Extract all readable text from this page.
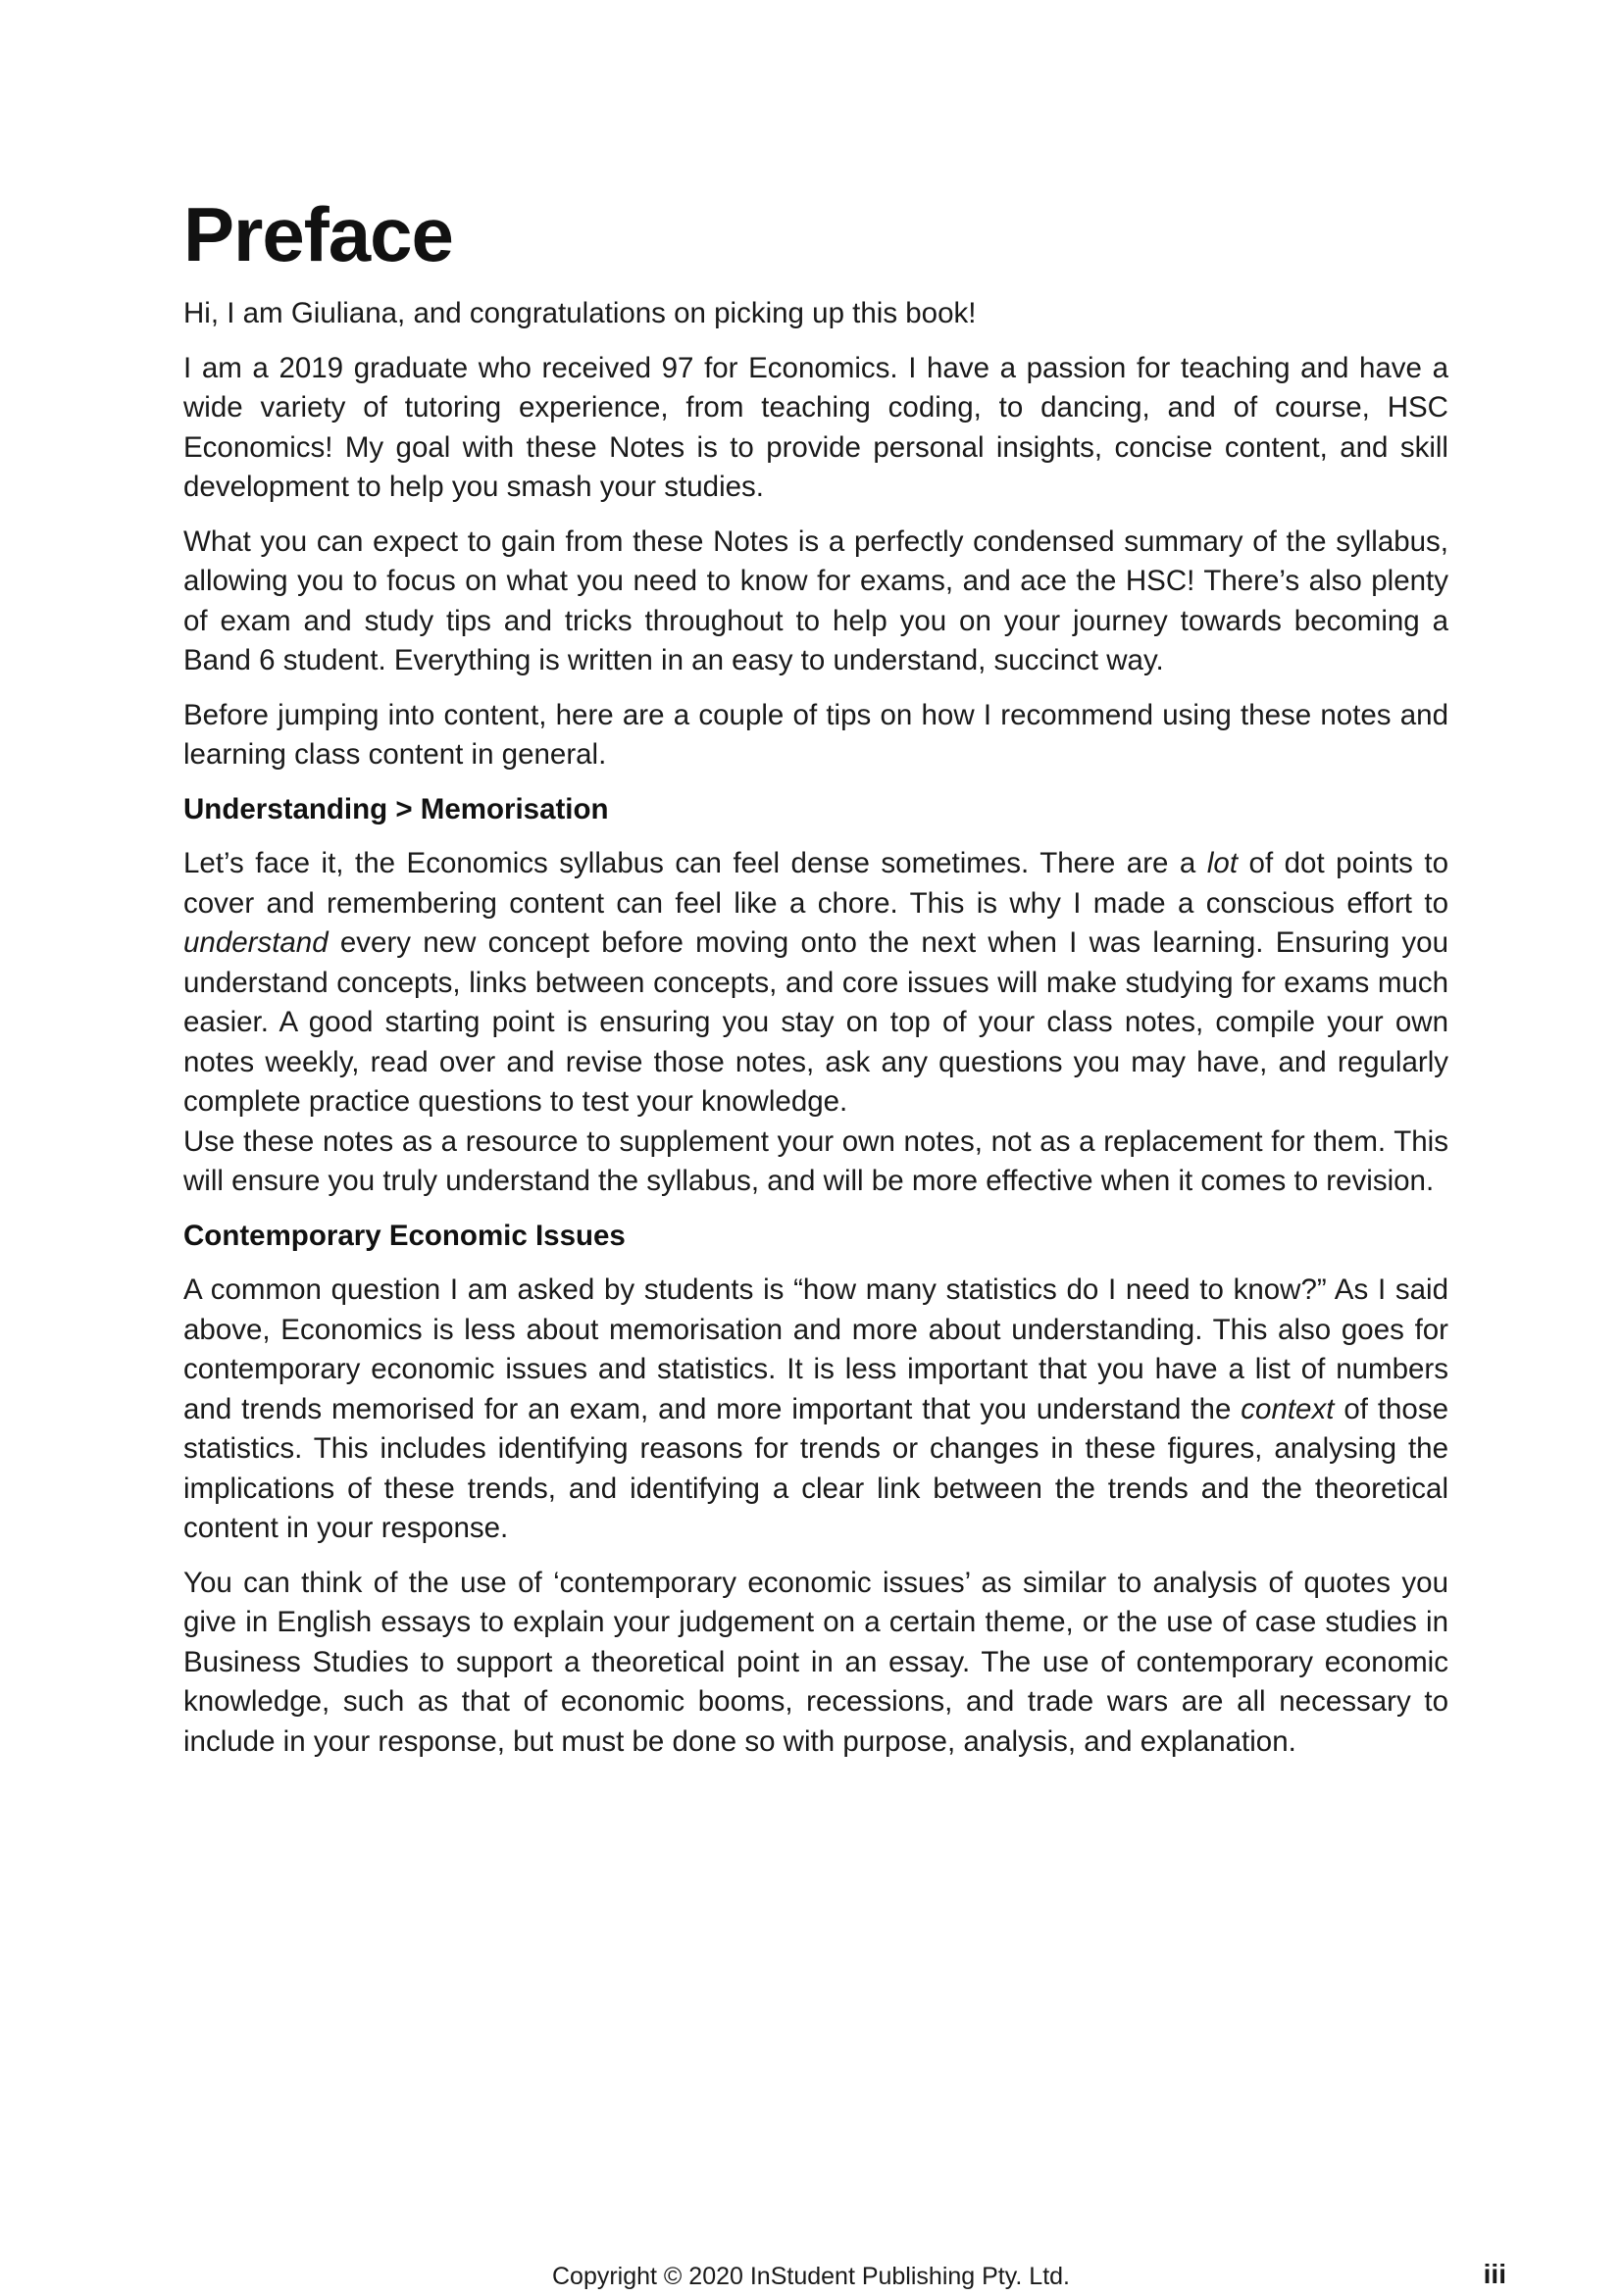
Preface

Hi, I am Giuliana, and congratulations on picking up this book!

I am a 2019 graduate who received 97 for Economics. I have a passion for teaching and have a wide variety of tutoring experience, from teaching coding, to dancing, and of course, HSC Economics! My goal with these Notes is to provide personal insights, concise content, and skill development to help you smash your studies.

What you can expect to gain from these Notes is a perfectly condensed summary of the syllabus, allowing you to focus on what you need to know for exams, and ace the HSC! There’s also plenty of exam and study tips and tricks throughout to help you on your journey towards becoming a Band 6 student. Everything is written in an easy to understand, succinct way.

Before jumping into content, here are a couple of tips on how I recommend using these notes and learning class content in general.

Understanding > Memorisation

Let’s face it, the Economics syllabus can feel dense sometimes. There are a lot of dot points to cover and remembering content can feel like a chore. This is why I made a conscious effort to understand every new concept before moving onto the next when I was learning. Ensuring you understand concepts, links between concepts, and core issues will make studying for exams much easier. A good starting point is ensuring you stay on top of your class notes, compile your own notes weekly, read over and revise those notes, ask any questions you may have, and regularly complete practice questions to test your knowledge.

Use these notes as a resource to supplement your own notes, not as a replacement for them. This will ensure you truly understand the syllabus, and will be more effective when it comes to revision.

Contemporary Economic Issues

A common question I am asked by students is “how many statistics do I need to know?” As I said above, Economics is less about memorisation and more about understanding. This also goes for contemporary economic issues and statistics. It is less important that you have a list of numbers and trends memorised for an exam, and more important that you understand the context of those statistics. This includes identifying reasons for trends or changes in these figures, analysing the implications of these trends, and identifying a clear link between the trends and the theoretical content in your response.

You can think of the use of ‘contemporary economic issues’ as similar to analysis of quotes you give in English essays to explain your judgement on a certain theme, or the use of case studies in Business Studies to support a theoretical point in an essay. The use of contemporary economic knowledge, such as that of economic booms, recessions, and trade wars are all necessary to include in your response, but must be done so with purpose, analysis, and explanation.

Copyright © 2020 InStudent Publishing Pty. Ltd.	iii
